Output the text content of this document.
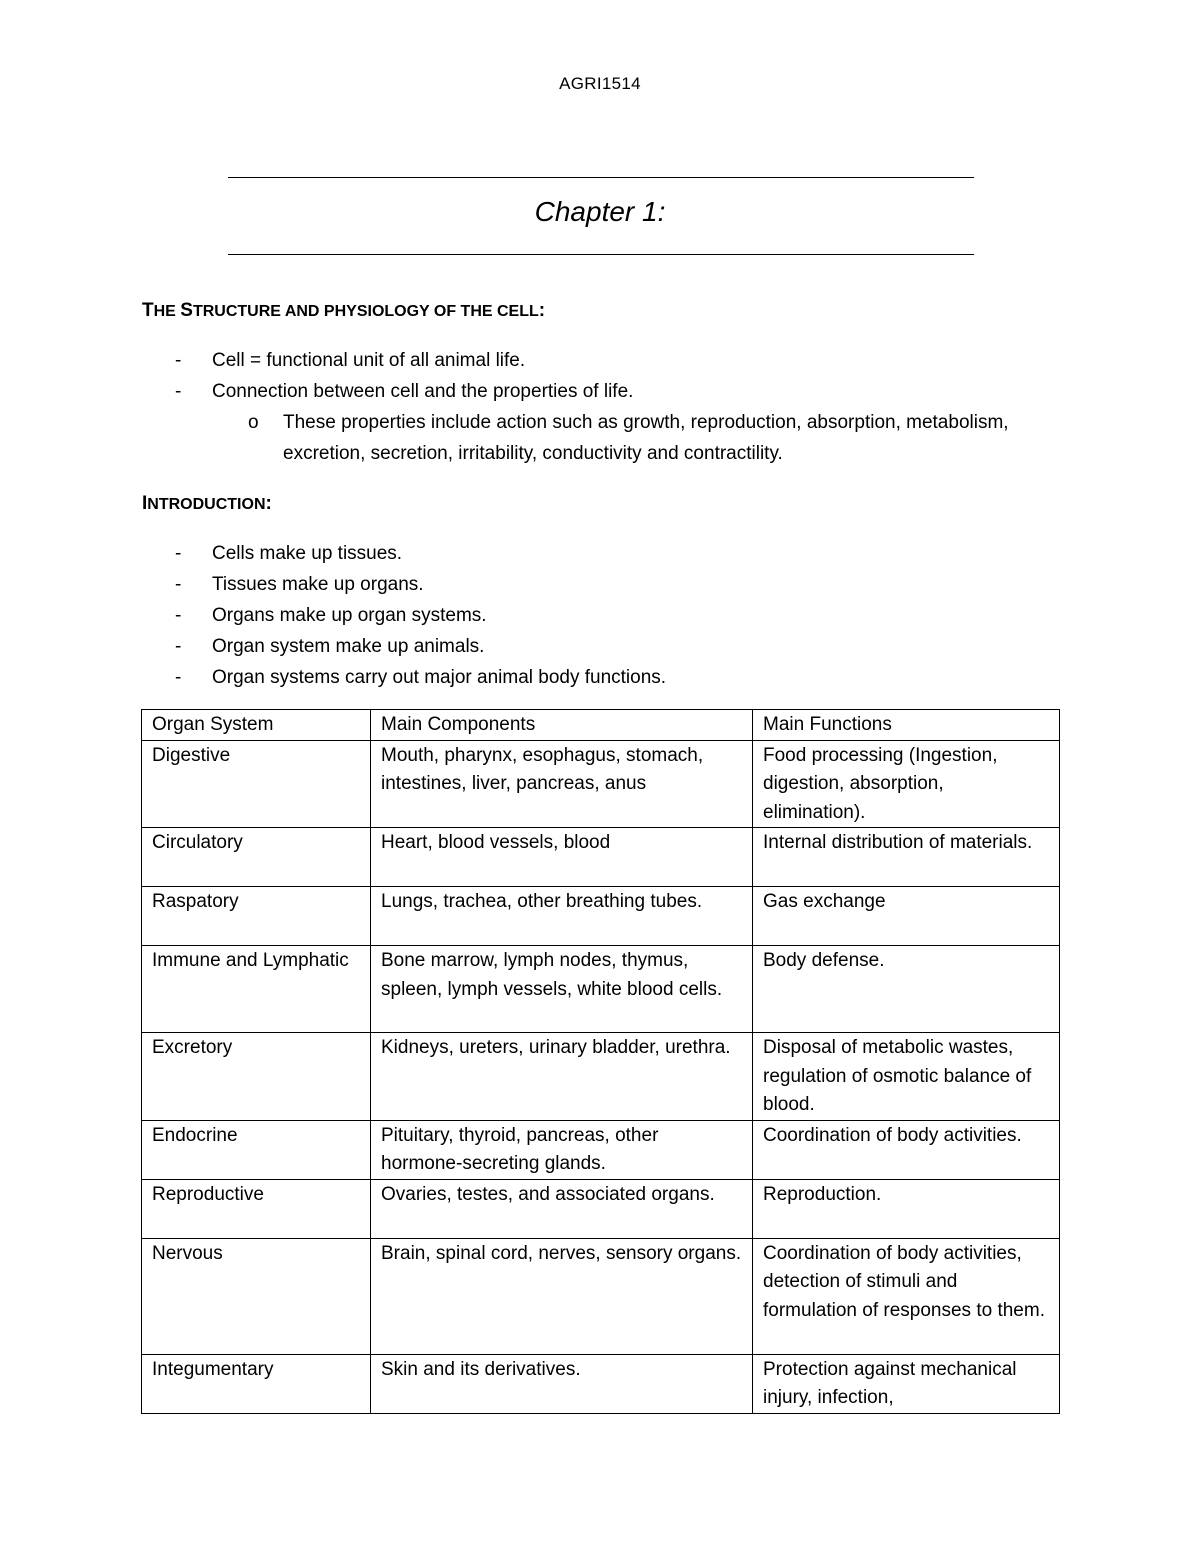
AGRI1514
Chapter 1:
THE STRUCTURE AND PHYSIOLOGY OF THE CELL:
- Cell = functional unit of all animal life.
- Connection between cell and the properties of life.
o These properties include action such as growth, reproduction, absorption, metabolism, excretion, secretion, irritability, conductivity and contractility.
INTRODUCTION:
- Cells make up tissues.
- Tissues make up organs.
- Organs make up organ systems.
- Organ system make up animals.
- Organ systems carry out major animal body functions.
Organ System	Main Components	Main Functions
Digestive	Mouth, pharynx, esophagus, stomach, intestines, liver, pancreas, anus	Food processing (Ingestion, digestion, absorption, elimination).
Circulatory	Heart, blood vessels, blood	Internal distribution of materials.
Raspatory	Lungs, trachea, other breathing tubes.	Gas exchange
Immune and Lymphatic	Bone marrow, lymph nodes, thymus, spleen, lymph vessels, white blood cells.	Body defense.
Excretory	Kidneys, ureters, urinary bladder, urethra.	Disposal of metabolic wastes, regulation of osmotic balance of blood.
Endocrine	Pituitary, thyroid, pancreas, other hormone-secreting glands.	Coordination of body activities.
Reproductive	Ovaries, testes, and associated organs.	Reproduction.
Nervous	Brain, spinal cord, nerves, sensory organs.	Coordination of body activities, detection of stimuli and formulation of responses to them.
Integumentary	Skin and its derivatives.	Protection against mechanical injury, infection,
